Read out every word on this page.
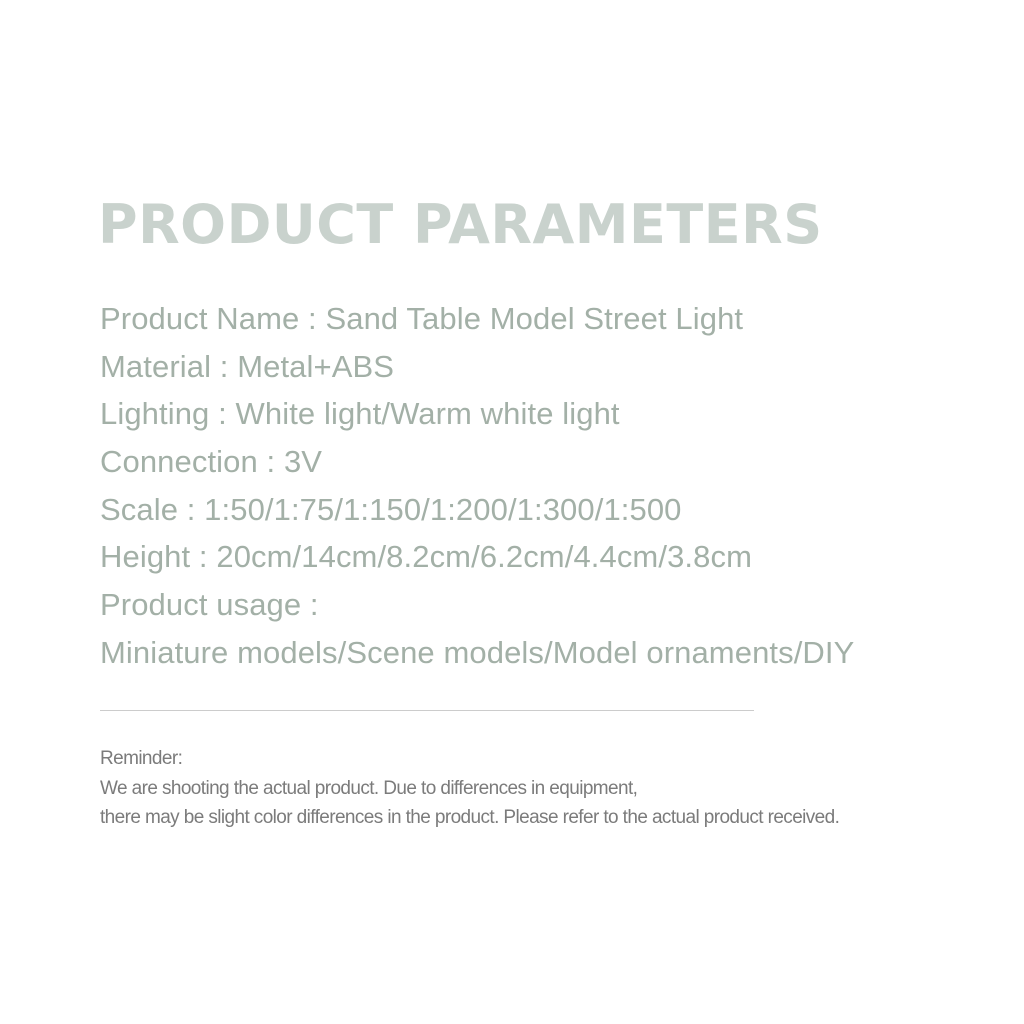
PRODUCT PARAMETERS
Product Name : Sand Table Model Street Light
Material : Metal+ABS
Lighting : White light/Warm white light
Connection : 3V
Scale : 1:50/1:75/1:150/1:200/1:300/1:500
Height : 20cm/14cm/8.2cm/6.2cm/4.4cm/3.8cm
Product usage :
Miniature models/Scene models/Model ornaments/DIY
Reminder:
We are shooting the actual product. Due to differences in equipment,
there may be slight color differences in the product. Please refer to the actual product received.
